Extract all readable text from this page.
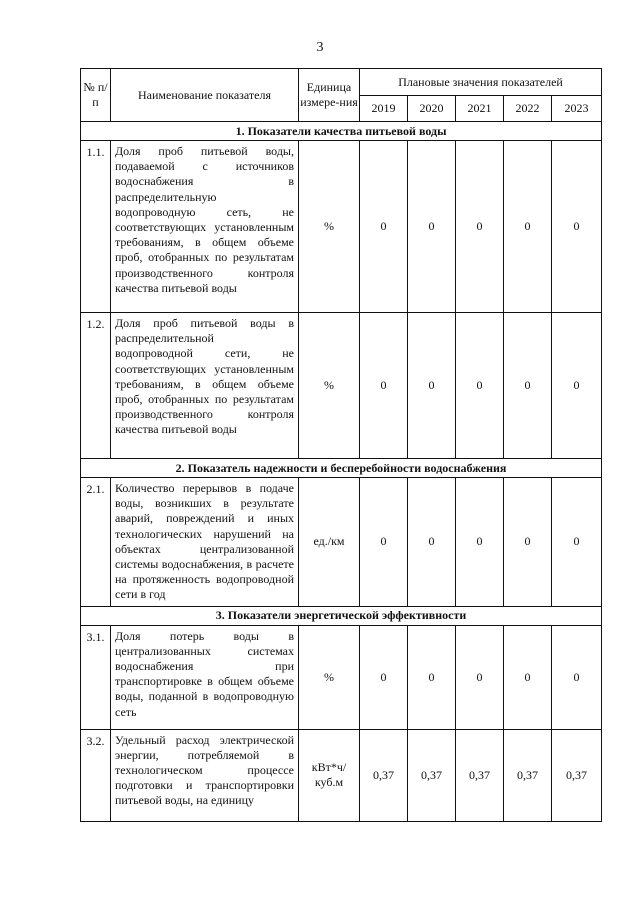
3
№ п/п	Наименование показателя	Единица измере-ния	Плановые значения показателей				
			2019	2020	2021	2022	2023
1. Показатели качества питьевой воды							
1.1.	Доля проб питьевой воды, подаваемой с источников водоснабжения в распределительную водопроводную сеть, не соответствующих установленным требованиям, в общем объеме проб, отобранных по результатам производственного контроля качества питьевой воды	%	0	0	0	0	0
1.2.	Доля проб питьевой воды в распределительной водопроводной сети, не соответствующих установленным требованиям, в общем объеме проб, отобранных по результатам производственного контроля качества питьевой воды	%	0	0	0	0	0
2. Показатель надежности и бесперебойности водоснабжения							
2.1.	Количество перерывов в подаче воды, возникших в результате аварий, повреждений и иных технологических нарушений на объектах централизованной системы водоснабжения, в расчете на протяженность водопроводной сети в год	ед./км	0	0	0	0	0
3. Показатели энергетической эффективности							
3.1.	Доля потерь воды в централизованных системах водоснабжения при транспортировке в общем объеме воды, поданной в водопроводную сеть	%	0	0	0	0	0
3.2.	Удельный расход электрической энергии, потребляемой в технологическом процессе подготовки и транспортировки питьевой воды, на единицу	кВт*ч/ куб.м	0,37	0,37	0,37	0,37	0,37
